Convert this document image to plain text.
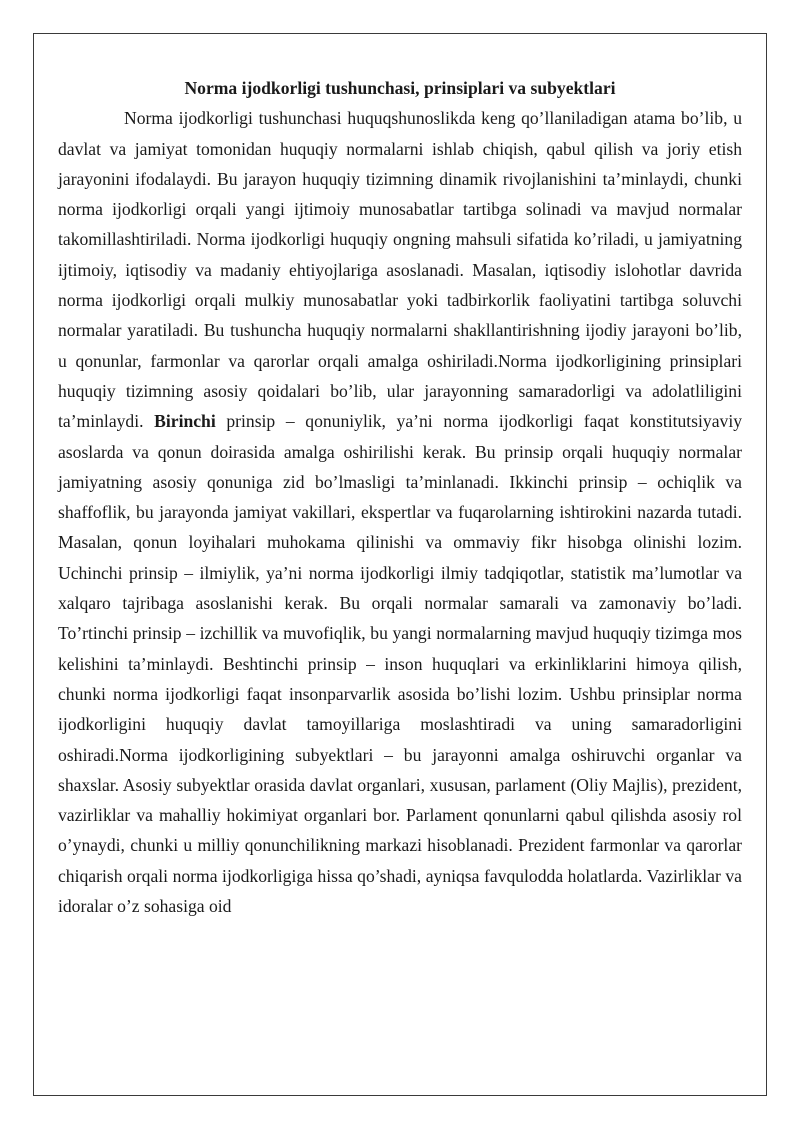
Norma ijodkorligi tushunchasi, prinsiplari va subyektlari

Norma ijodkorligi tushunchasi huquqshunoslikda keng qo’llaniladigan atama bo’lib, u davlat va jamiyat tomonidan huquqiy normalarni ishlab chiqish, qabul qilish va joriy etish jarayonini ifodalaydi. Bu jarayon huquqiy tizimning dinamik rivojlanishini ta’minlaydi, chunki norma ijodkorligi orqali yangi ijtimoiy munosabatlar tartibga solinadi va mavjud normalar takomillashtiriladi. Norma ijodkorligi huquqiy ongning mahsuli sifatida ko’riladi, u jamiyatning ijtimoiy, iqtisodiy va madaniy ehtiyojlariga asoslanadi. Masalan, iqtisodiy islohotlar davrida norma ijodkorligi orqali mulkiy munosabatlar yoki tadbirkorlik faoliyatini tartibga soluvchi normalar yaratiladi. Bu tushuncha huquqiy normalarni shakllantirishning ijodiy jarayoni bo’lib, u qonunlar, farmonlar va qarorlar orqali amalga oshiriladi.Norma ijodkorligining prinsiplari huquqiy tizimning asosiy qoidalari bo’lib, ular jarayonning samaradorligi va adolatliligini ta’minlaydi. Birinchi prinsip – qonuniylik, ya’ni norma ijodkorligi faqat konstitutsiyaviy asoslarda va qonun doirasida amalga oshirilishi kerak. Bu prinsip orqali huquqiy normalar jamiyatning asosiy qonuniga zid bo’lmasligi ta’minlanadi. Ikkinchi prinsip – ochiqlik va shaffoflik, bu jarayonda jamiyat vakillari, ekspertlar va fuqarolarning ishtirokini nazarda tutadi. Masalan, qonun loyihalari muhokama qilinishi va ommaviy fikr hisobga olinishi lozim. Uchinchi prinsip – ilmiylik, ya’ni norma ijodkorligi ilmiy tadqiqotlar, statistik ma’lumotlar va xalqaro tajribaga asoslanishi kerak. Bu orqali normalar samarali va zamonaviy bo’ladi. To’rtinchi prinsip – izchillik va muvofiqlik, bu yangi normalarning mavjud huquqiy tizimga mos kelishini ta’minlaydi. Beshtinchi prinsip – inson huquqlari va erkinliklarini himoya qilish, chunki norma ijodkorligi faqat insonparvarlik asosida bo’lishi lozim. Ushbu prinsiplar norma ijodkorligini huquqiy davlat tamoyillariga moslashtiradi va uning samaradorligini oshiradi.Norma ijodkorligining subyektlari – bu jarayonni amalga oshiruvchi organlar va shaxslar. Asosiy subyektlar orasida davlat organlari, xususan, parlament (Oliy Majlis), prezident, vazirliklar va mahalliy hokimiyat organlari bor. Parlament qonunlarni qabul qilishda asosiy rol o’ynaydi, chunki u milliy qonunchilikning markazi hisoblanadi. Prezident farmonlar va qarorlar chiqarish orqali norma ijodkorligiga hissa qo’shadi, ayniqsa favqulodda holatlarda. Vazirliklar va idoralar o’z sohasiga oid
